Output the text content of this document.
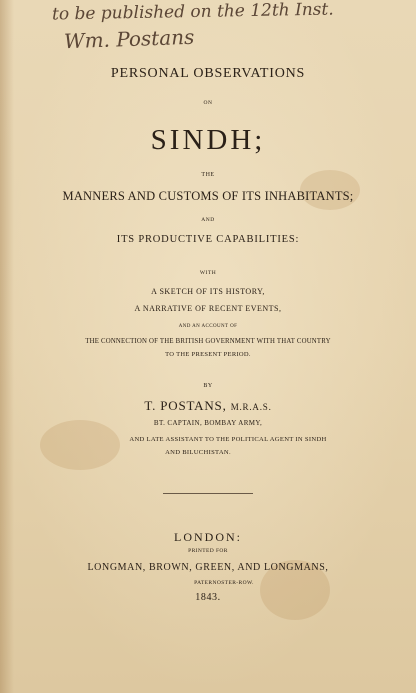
to be published on the 12th Inst.
Wm. Postans
PERSONAL OBSERVATIONS
ON
SINDH;
THE
MANNERS AND CUSTOMS OF ITS INHABITANTS;
AND
ITS PRODUCTIVE CAPABILITIES:
WITH
A SKETCH OF ITS HISTORY,
A NARRATIVE OF RECENT EVENTS,
AND AN ACCOUNT OF
THE CONNECTION OF THE BRITISH GOVERNMENT WITH THAT COUNTRY
TO THE PRESENT PERIOD.
BY
T. POSTANS, M.R.A.S.
BT. CAPTAIN, BOMBAY ARMY,
AND LATE ASSISTANT TO THE POLITICAL AGENT IN SINDH
AND BILUCHISTAN.
LONDON:
PRINTED FOR
LONGMAN, BROWN, GREEN, AND LONGMANS,
PATERNOSTER-ROW.
1843.
